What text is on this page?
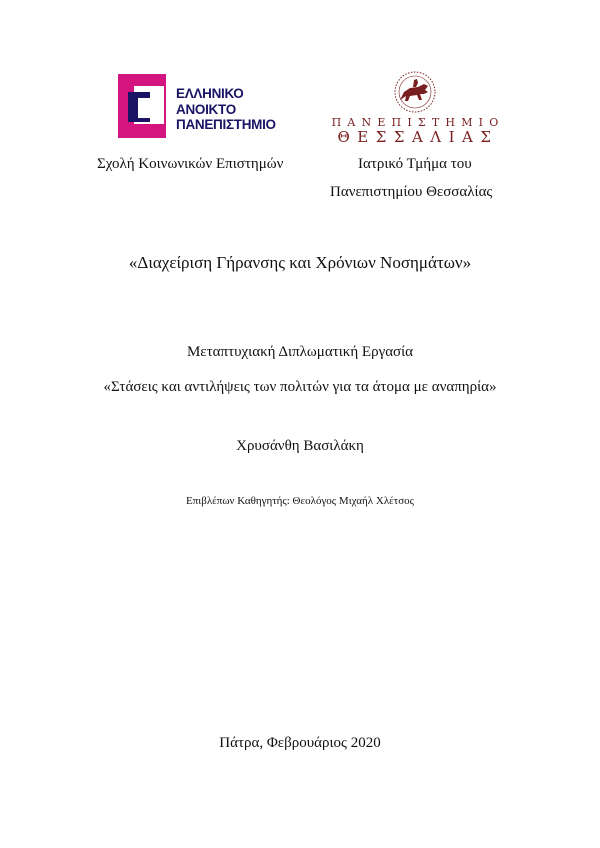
ΕΛΛΗΝΙΚΟ
ΑΝΟΙΚΤΟ
ΠΑΝΕΠΙΣΤΗΜΙΟ	ΠΑΝΕΠΙΣΤΗΜΙΟ
ΘΕΣΣΑΛΙΑΣ
Σχολή Κοινωνικών Επιστημών	Ιατρικό Τμήμα του
Πανεπιστημίου Θεσσαλίας
«Διαχείριση Γήρανσης και Χρόνιων Νοσημάτων»
Μεταπτυχιακή Διπλωματική Εργασία
«Στάσεις και αντιλήψεις των πολιτών για τα άτομα με αναπηρία»
Χρυσάνθη Βασιλάκη
Επιβλέπων Καθηγητής: Θεολόγος Μιχαήλ Χλέτσος
Πάτρα, Φεβρουάριος 2020
